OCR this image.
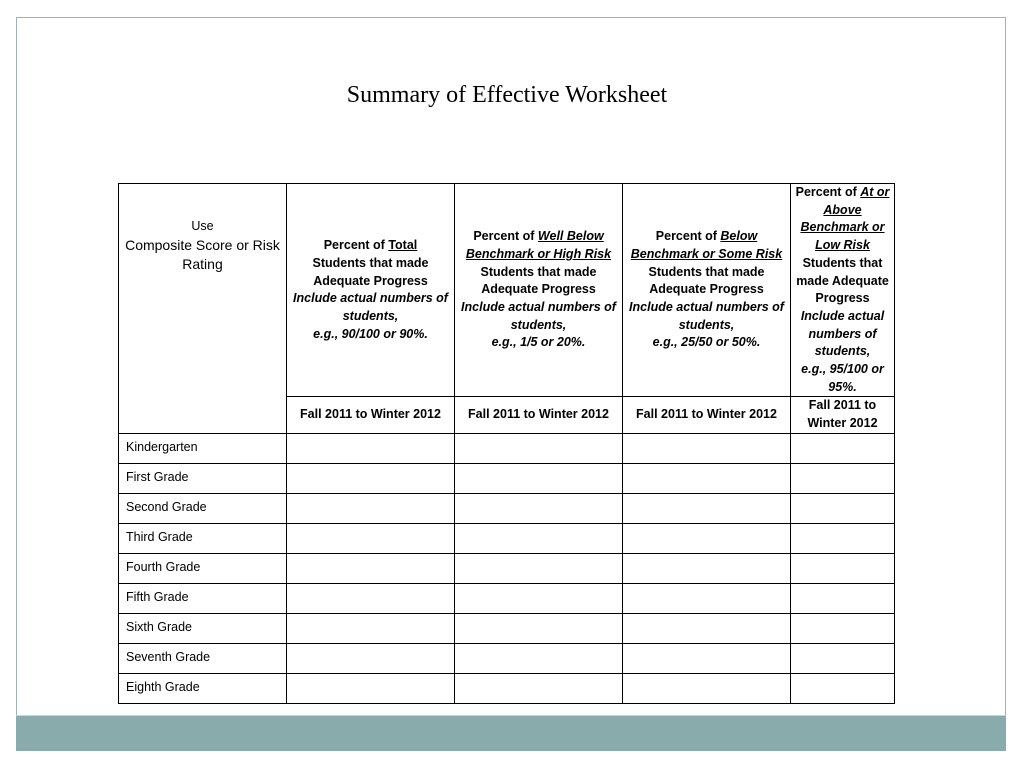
Summary of Effective Worksheet
Use
Composite Score or Risk Rating	Percent of Total
Students that made Adequate Progress
Include actual numbers of students,
e.g., 90/100 or 90%.	Percent of Well Below Benchmark or High Risk
Students that made Adequate Progress
Include actual numbers of students,
e.g., 1/5 or 20%.	Percent of Below Benchmark or Some Risk
Students that made Adequate Progress
Include actual numbers of students,
e.g., 25/50 or 50%.	Percent of At or Above Benchmark or Low Risk
Students that made Adequate Progress
Include actual numbers of students,
e.g., 95/100 or 95%.
	Fall 2011 to Winter 2012	Fall 2011 to Winter 2012	Fall 2011 to Winter 2012	Fall 2011 to Winter 2012
Kindergarten				
First Grade				
Second Grade				
Third Grade				
Fourth Grade				
Fifth Grade				
Sixth Grade				
Seventh Grade				
Eighth Grade				
